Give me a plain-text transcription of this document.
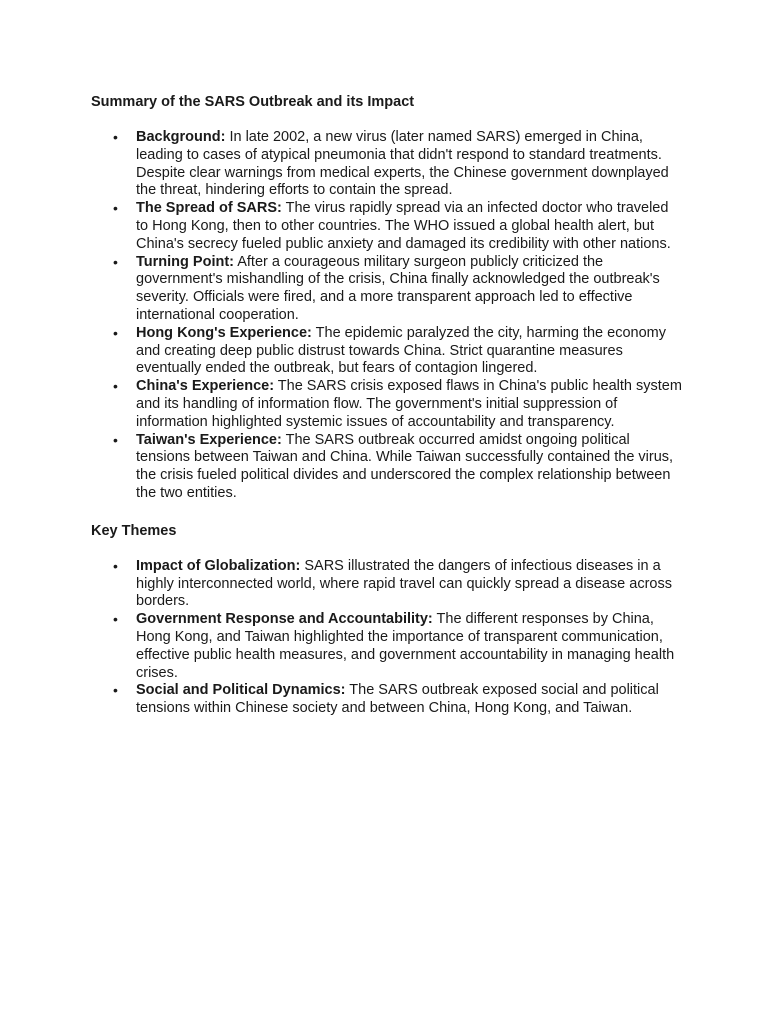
Summary of the SARS Outbreak and its Impact
• Background: In late 2002, a new virus (later named SARS) emerged in China, leading to cases of atypical pneumonia that didn't respond to standard treatments. Despite clear warnings from medical experts, the Chinese government downplayed the threat, hindering efforts to contain the spread.
• The Spread of SARS: The virus rapidly spread via an infected doctor who traveled to Hong Kong, then to other countries. The WHO issued a global health alert, but China's secrecy fueled public anxiety and damaged its credibility with other nations.
• Turning Point: After a courageous military surgeon publicly criticized the government's mishandling of the crisis, China finally acknowledged the outbreak's severity. Officials were fired, and a more transparent approach led to effective international cooperation.
• Hong Kong's Experience: The epidemic paralyzed the city, harming the economy and creating deep public distrust towards China. Strict quarantine measures eventually ended the outbreak, but fears of contagion lingered.
• China's Experience: The SARS crisis exposed flaws in China's public health system and its handling of information flow. The government's initial suppression of information highlighted systemic issues of accountability and transparency.
• Taiwan's Experience: The SARS outbreak occurred amidst ongoing political tensions between Taiwan and China. While Taiwan successfully contained the virus, the crisis fueled political divides and underscored the complex relationship between the two entities.
Key Themes
• Impact of Globalization: SARS illustrated the dangers of infectious diseases in a highly interconnected world, where rapid travel can quickly spread a disease across borders.
• Government Response and Accountability: The different responses by China, Hong Kong, and Taiwan highlighted the importance of transparent communication, effective public health measures, and government accountability in managing health crises.
• Social and Political Dynamics: The SARS outbreak exposed social and political tensions within Chinese society and between China, Hong Kong, and Taiwan.
